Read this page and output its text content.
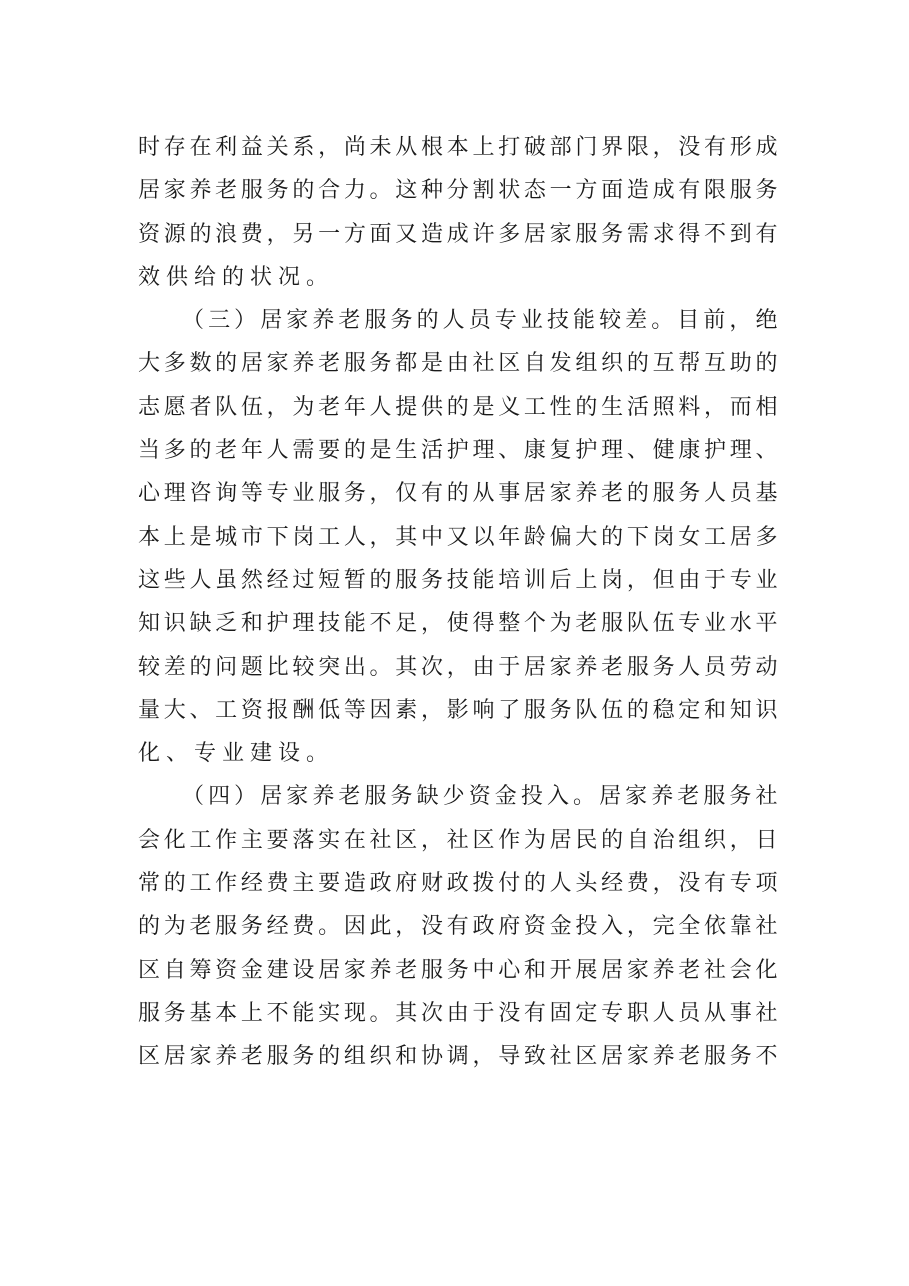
时存在利益关系，尚未从根本上打破部门界限，没有形成
居家养老服务的合力。这种分割状态一方面造成有限服务
资源的浪费，另一方面又造成许多居家服务需求得不到有
效供给的状况。
（三）居家养老服务的人员专业技能较差。目前，绝
大多数的居家养老服务都是由社区自发组织的互帮互助的
志愿者队伍，为老年人提供的是义工性的生活照料，而相
当多的老年人需要的是生活护理、康复护理、健康护理、
心理咨询等专业服务，仅有的从事居家养老的服务人员基
本上是城市下岗工人，其中又以年龄偏大的下岗女工居多
这些人虽然经过短暂的服务技能培训后上岗，但由于专业
知识缺乏和护理技能不足，使得整个为老服队伍专业水平
较差的问题比较突出。其次，由于居家养老服务人员劳动
量大、工资报酬低等因素，影响了服务队伍的稳定和知识
化、专业建设。
（四）居家养老服务缺少资金投入。居家养老服务社
会化工作主要落实在社区，社区作为居民的自治组织，日
常的工作经费主要造政府财政拨付的人头经费，没有专项
的为老服务经费。因此，没有政府资金投入，完全依靠社
区自筹资金建设居家养老服务中心和开展居家养老社会化
服务基本上不能实现。其次由于没有固定专职人员从事社
区居家养老服务的组织和协调，导致社区居家养老服务不
